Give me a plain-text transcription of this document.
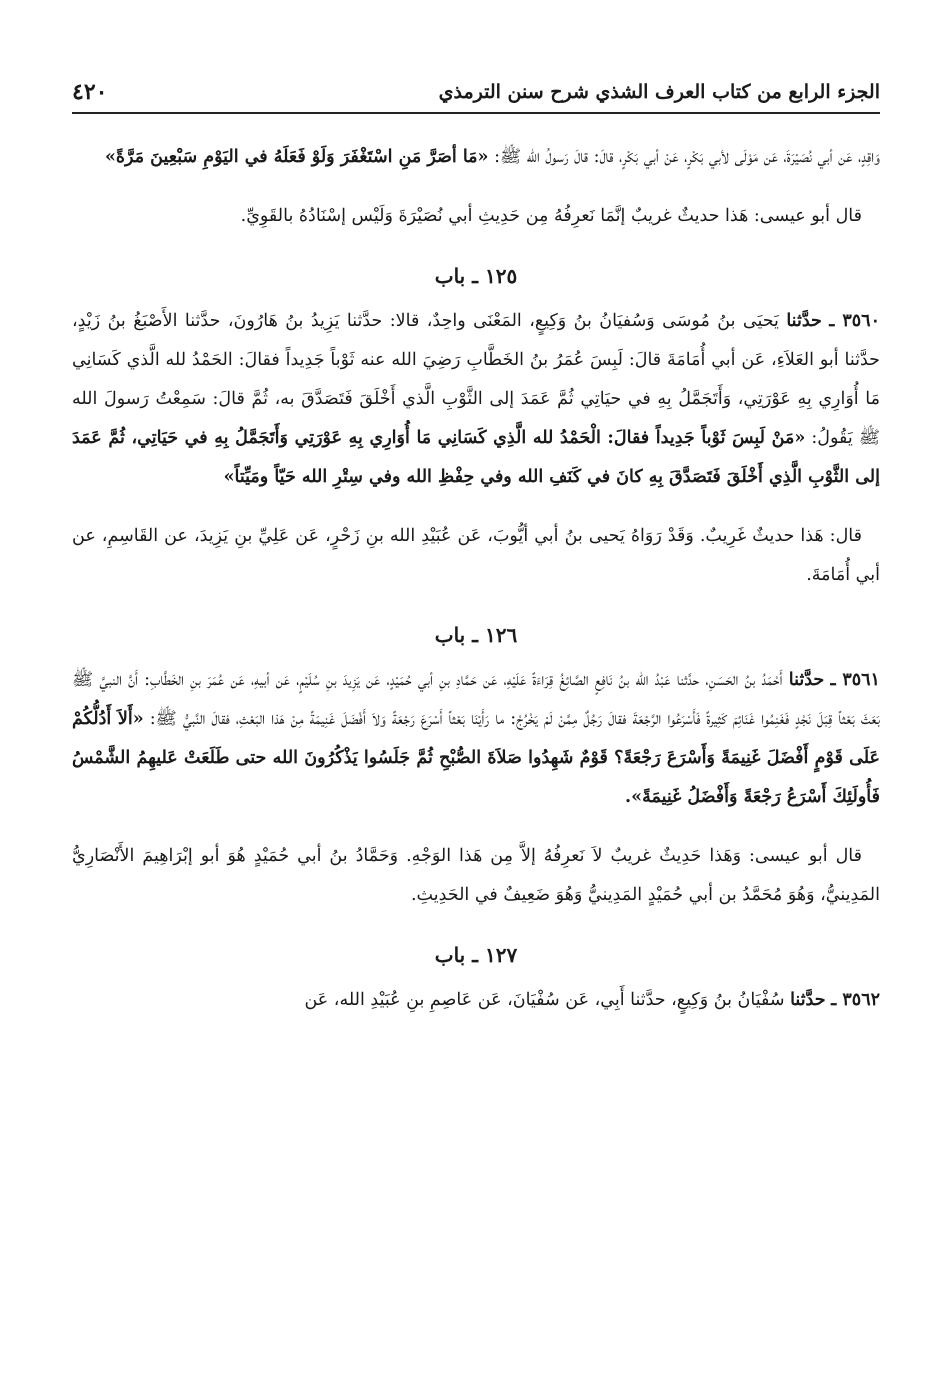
الجزء الرابع من كتاب العرف الشذي شرح سنن الترمذي
٤٢٠

وَاقِدٍ، عَن أبي نُصَيْرَةَ، عَن مَوْلَى لأبي بَكْرٍ، عَنْ أبي بَكْرٍ، قالَ: قالَ رَسولُ الله ﷺ: «مَا أصَرَّ مَنِ اسْتَغْفَرَ وَلَوْ فَعَلَهُ في اليَوْمِ سَبْعِينَ مَرَّةً»

قال أبو عيسى: هَذا حديثٌ غريبٌ إنَّمَا نَعرِفُهُ مِن حَدِيثِ أبي نُصَيْرَةَ وَلَيْس إسْنَادُهُ بالقَوِيِّ.

١٢٥ ـ باب

٣٥٦٠ ـ حدَّثنا يَحيَى بنُ مُوسَى وَسُفيَانُ بنُ وَكِيعٍ، المَعْنَى واحِدٌ، قالا: حدَّثنا يَزِيدُ بنُ هَارُونَ، حدَّثنا الأَصْبَغُ بنُ زَيْدٍ، حدَّثنا أبو العَلاَءِ، عَن أبي أُمَامَةَ قالَ: لَبِسَ عُمَرُ بنُ الخَطَّابِ رَضِيَ الله عنه ثَوْباً جَدِيداً فقالَ: الحَمْدُ لله الَّذي كَسَانِي مَا أُوَارِي بِهِ عَوْرَتِي، وَأَتَجَمَّلُ بِهِ في حيَاتِي ثُمَّ عَمَدَ إلى الثَّوْبِ الَّذي أَخْلَقَ فَتَصَدَّقَ به، ثُمَّ قالَ: سَمِعْتُ رَسولَ الله ﷺ يَقُولُ: «مَنْ لَبِسَ ثَوْباً جَدِيداً فقالَ: الْحَمْدُ لله الَّذِي كَسَانِي مَا أُوَارِي بِهِ عَوْرَتِي وَأَتَجَمَّلُ بِهِ في حَيَاتِي، ثُمَّ عَمَدَ إلى الثَّوْبِ الَّذِي أَخْلَقَ فَتَصَدَّقَ بِهِ كانَ في كَنَفِ الله وفي حِفْظِ الله وفي سِتْرِ الله حَيّاً ومَيِّتاً»

قال: هَذا حديثٌ غَرِيبٌ. وَقَدْ رَوَاهُ يَحيى بنُ أبي أيُّوبَ، عَن عُبَيْدِ الله بنِ زَحْرٍ، عَن عَلِيِّ بنِ يَزِيدَ، عن القَاسِمِ، عن أبي أُمَامَةَ.

١٢٦ ـ باب

٣٥٦١ ـ حدَّثنا أَحْمَدُ بنُ الحَسَنِ، حدَّثنا عَبْدُ الله بنُ نَافِعٍ الصَّائِغُ قِرَاءَةً عَلَيْهِ، عَن حَمَّادِ بنِ أبي حُمَيْدٍ، عَن يَزِيدَ بنِ سُلَيْمٍ، عَن أبيهِ، عَن عُمَرَ بنِ الخَطَّابِ: أَنَّ النبيَّ ﷺ بَعَثَ بَعْثاً قِبَلَ نَجْدٍ فَغَنِمُوا غَنَائِمَ كَثِيرةً فَأَسْرَعُوا الرَّجْعَةَ فقالَ رَجُلٌ مِمَّنْ لَمْ يَخْرُجْ: ما رَأَيْنَا بَعْثاً أَسْرَعَ رَجْعَةً وَلاَ أَفْضَلَ غَنِيمَةً مِنْ هَذا البَعْثِ، فقالَ النَّبيُّ ﷺ: «أَلاَ أَدُلُّكُمْ عَلَى قَوْمٍ أَفْضَلَ غَنِيمَةً وَأَسْرَعَ رَجْعَةً؟ قَوْمٌ شَهِدُوا صَلاَةَ الصُّبْحِ ثُمَّ جَلَسُوا يَذْكُرُونَ الله حتى طَلَعَتْ عَليهِمُ الشَّمْسُ فَأُولَئِكَ أَسْرَعُ رَجْعَةً وَأَفْضَلُ غَنِيمَةً».

قال أبو عيسى: وَهَذا حَدِيثٌ غريبٌ لاَ نَعرِفُهُ إلاَّ مِن هَذا الوَجْهِ. وَحَمَّادُ بنُ أبي حُمَيْدٍ هُوَ أبو إبْرَاهِيمَ الأَنْصَارِيُّ المَدِينيُّ، وَهُوَ مُحَمَّدُ بن أبي حُمَيْدٍ المَدِينيُّ وَهُوَ ضَعِيفٌ في الحَدِيثِ.

١٢٧ ـ باب

٣٥٦٢ ـ حدَّثنا سُفْيَانُ بنُ وَكِيعٍ، حدَّثنا أَبِي، عَن سُفْيَانَ، عَن عَاصِمِ بنِ عُبَيْدِ الله، عَن
